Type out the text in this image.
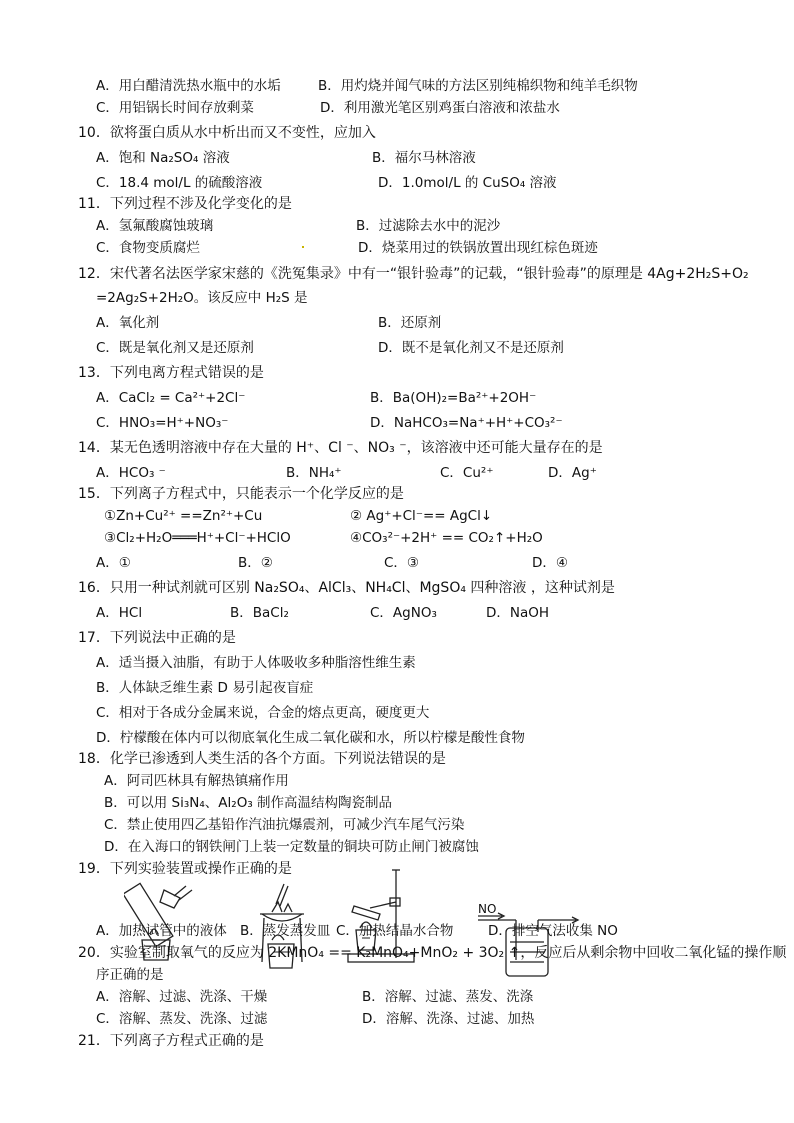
A．用白醋清洗热水瓶中的水垢	B．用灼烧并闻气味的方法区别纯棉织物和纯羊毛织物
C．用铝锅长时间存放剩菜	D．利用激光笔区别鸡蛋白溶液和浓盐水
10．欲将蛋白质从水中析出而又不变性，应加入
A．饱和 Na₂SO₄ 溶液	B．福尔马林溶液
C．18.4 mol/L 的硫酸溶液	D．1.0mol/L 的 CuSO₄ 溶液
11．下列过程不涉及化学变化的是
A．氢氟酸腐蚀玻璃	B．过滤除去水中的泥沙
C．食物变质腐烂	D．烧菜用过的铁锅放置出现红棕色斑迹
12．宋代著名法医学家宋慈的《洗冤集录》中有一“银针验毒”的记载，“银针验毒”的原理是 4Ag+2H₂S+O₂
=2Ag₂S+2H₂O。该反应中 H₂S 是
A．氧化剂	B．还原剂
C．既是氧化剂又是还原剂	D．既不是氧化剂又不是还原剂
13．下列电离方程式错误的是
A．CaCl₂ = Ca²⁺+2Cl⁻	B．Ba(OH)₂=Ba²⁺+2OH⁻
C．HNO₃=H⁺+NO₃⁻	D．NaHCO₃=Na⁺+H⁺+CO₃²⁻
14．某无色透明溶液中存在大量的 H⁺、Cl ⁻、NO₃ ⁻，该溶液中还可能大量存在的是
A．HCO₃ ⁻	B．NH₄⁺	C．Cu²⁺	D．Ag⁺
15．下列离子方程式中，只能表示一个化学反应的是
①Zn+Cu²⁺ ==Zn²⁺+Cu	② Ag⁺+Cl⁻== AgCl↓
③Cl₂+H₂O═══H⁺+Cl⁻+HClO	④CO₃²⁻+2H⁺ == CO₂↑+H₂O
A．①	B．②	C．③	D．④
16．只用一种试剂就可区别 Na₂SO₄、AlCl₃、NH₄Cl、MgSO₄ 四种溶液 ，这种试剂是
A．HCl	B．BaCl₂	C．AgNO₃	D．NaOH
17．下列说法中正确的是
A．适当摄入油脂，有助于人体吸收多种脂溶性维生素
B．人体缺乏维生素 D 易引起夜盲症
C．相对于各成分金属来说，合金的熔点更高，硬度更大
D．柠檬酸在体内可以彻底氧化生成二氧化碳和水，所以柠檬是酸性食物
18．化学已渗透到人类生活的各个方面。下列说法错误的是
A．阿司匹林具有解热镇痛作用
B．可以用 Si₃N₄、Al₂O₃ 制作高温结构陶瓷制品
C．禁止使用四乙基铅作汽油抗爆震剂，可减少汽车尾气污染
D．在入海口的钢铁闸门上装一定数量的铜块可防止闸门被腐蚀
19．下列实验装置或操作正确的是
NO
A．加热试管中的液体 B．蒸发蒸发皿 C．加热结晶水合物	D．排空气法收集 NO
20．实验室制取氧气的反应为 2KMnO₄ == K₂MnO₄+MnO₂ + 3O₂ ↑，反应后从剩余物中回收二氧化锰的操作顺
序正确的是
A．溶解、过滤、洗涤、干燥	B．溶解、过滤、蒸发、洗涤
C．溶解、蒸发、洗涤、过滤	D．溶解、洗涤、过滤、加热
21．下列离子方程式正确的是
